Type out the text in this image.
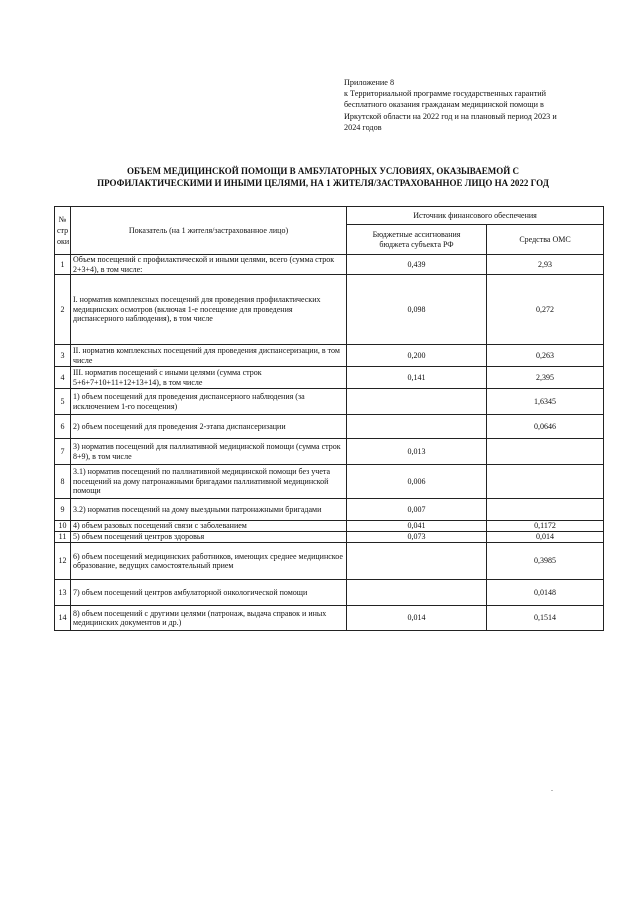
Приложение 8
к Территориальной программе государственных гарантий
бесплатного оказания гражданам медицинской помощи в
Иркутской области на 2022 год и на плановый период 2023 и
2024 годов
ОБЪЕМ МЕДИЦИНСКОЙ ПОМОЩИ В АМБУЛАТОРНЫХ УСЛОВИЯХ, ОКАЗЫВАЕМОЙ С
ПРОФИЛАКТИЧЕСКИМИ И ИНЫМИ ЦЕЛЯМИ, НА 1 ЖИТЕЛЯ/ЗАСТРАХОВАННОЕ ЛИЦО НА 2022 ГОД
№
стр
оки	Показатель (на 1 жителя/застрахованное лицо)	Источник финансового обеспечения	
		Бюджетные ассигнования
бюджета субъекта РФ	Средства ОМС
1	Объем посещений с профилактической и иными целями, всего (сумма строк 2+3+4), в том числе:	0,439	2,93
2	I. норматив комплексных посещений для проведения профилактических медицинских осмотров (включая 1-е посещение для проведения диспансерного наблюдения), в том числе	0,098	0,272
3	II. норматив комплексных посещений для проведения диспансеризации, в том числе	0,200	0,263
4	III. норматив посещений с иными целями (сумма строк 5+6+7+10+11+12+13+14), в том числе	0,141	2,395
5	1) объем посещений для проведения диспансерного наблюдения (за исключением 1-го посещения)		1,6345
6	2) объем посещений для проведения 2-этапа диспансеризации		0,0646
7	3) норматив посещений для паллиативной медицинской помощи (сумма строк 8+9), в том числе	0,013	
8	3.1) норматив посещений по паллиативной медицинской помощи без учета посещений на дому патронажными бригадами паллиативной медицинской помощи	0,006	
9	3.2) норматив посещений на дому выездными патронажными бригадами	0,007	
10	4) объем разовых посещений связи с заболеванием	0,041	0,1172
11	5) объем посещений центров здоровья	0,073	0,014
12	6) объем посещений медицинских работников, имеющих среднее медицинское образование, ведущих самостоятельный прием		0,3985
13	7) объем посещений центров амбулаторной онкологической помощи		0,0148
14	8) объем посещений с другими целями (патронаж, выдача справок и иных медицинских документов и др.)	0,014	0,1514
